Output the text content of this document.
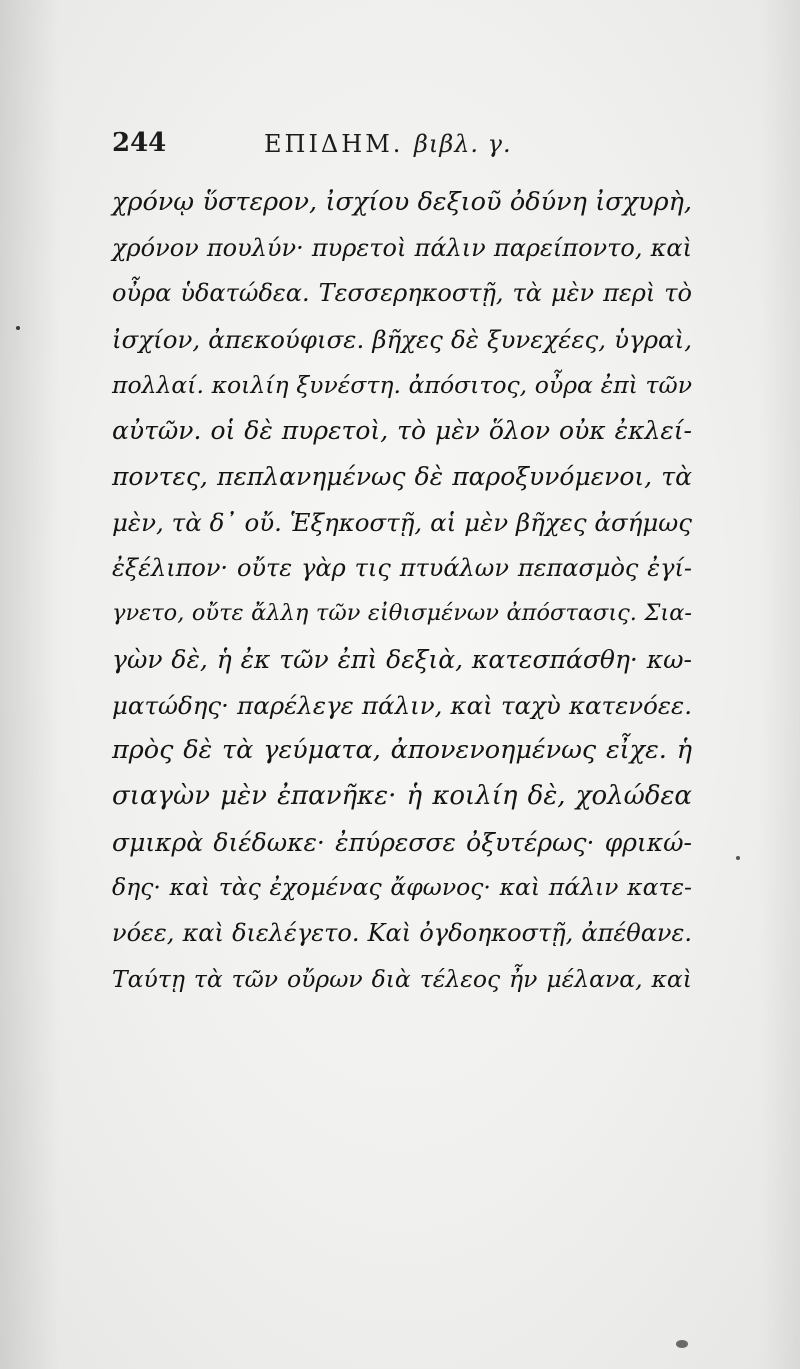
244	ΕΠΙΔΗΜ. βιβλ. γ.
χρόνῳ ὕστερον, ἰσχίου δεξιοῦ ὀδύνη ἰσχυρὴ,
χρόνον πουλύν· πυρετοὶ πάλιν παρείποντο, καὶ
οὖρα ὑδατώδεα. Τεσσερηκοστῇ, τὰ μὲν περὶ τὸ
ἰσχίον, ἀπεκούφισε. βῆχες δὲ ξυνεχέες, ὑγραὶ,
πολλαί. κοιλίη ξυνέστη. ἀπόσιτος, οὖρα ἐπὶ τῶν
αὐτῶν. οἱ δὲ πυρετοὶ, τὸ μὲν ὅλον οὐκ ἐκλεί-
ποντες, πεπλανημένως δὲ παροξυνόμενοι, τὰ
μὲν, τὰ δ᾽ οὔ. Ἑξηκοστῇ, αἱ μὲν βῆχες ἀσήμως
ἐξέλιπον· οὔτε γὰρ τις πτυάλων πεπασμὸς ἐγί-
γνετο, οὔτε ἄλλη τῶν εἰθισμένων ἀπόστασις. Σια-
γὼν δὲ, ἡ ἐκ τῶν ἐπὶ δεξιὰ, κατεσπάσθη· κω-
ματώδης· παρέλεγε πάλιν, καὶ ταχὺ κατενόεε.
πρὸς δὲ τὰ γεύματα, ἀπονενοημένως εἶχε. ἡ
σιαγὼν μὲν ἐπανῆκε· ἡ κοιλίη δὲ, χολώδεα
σμικρὰ διέδωκε· ἐπύρεσσε ὀξυτέρως· φρικώ-
δης· καὶ τὰς ἐχομένας ἄφωνος· καὶ πάλιν κατε-
νόεε, καὶ διελέγετο. Καὶ ὀγδοηκοστῇ, ἀπέθανε.
Ταύτῃ τὰ τῶν οὔρων διὰ τέλεος ἦν μέλανα, καὶ
